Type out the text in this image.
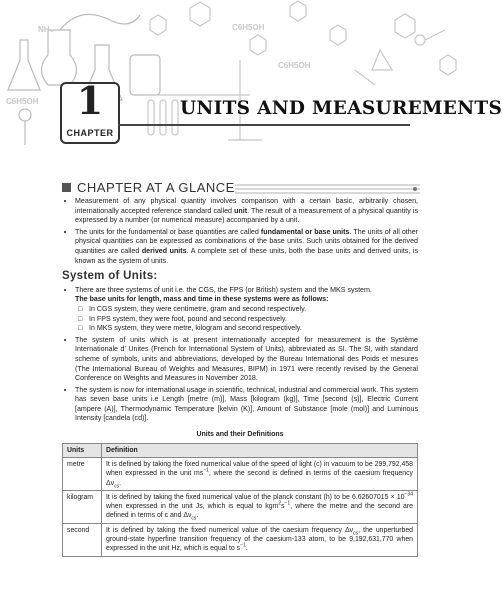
C6H5OH
NH₃
C6H5OH
C6H5OH	1
CHAPTER
UNITS AND MEASUREMENTS
CHAPTER AT A GLANCE
• Measurement of any physical quantity involves comparison with a certain basic, arbitrarily chosen, internationally accepted reference standard called unit. The result of a measurement of a physical quantity is expressed by a number (or numerical measure) accompanied by a unit.
• The units for the fundamental or base quantities are called fundamental or base units. The units of all other physical quantities can be expressed as combinations of the base units. Such units obtained for the derived quantities are called derived units. A complete set of these units, both the base units and derived units, is known as the system of units.
System of Units:
• There are three systems of unit i.e. the CGS, the FPS (or British) system and the MKS system.
The base units for length, mass and time in these systems were as follows:
□ In CGS system, they were centimetre, gram and second respectively.
□ In FPS system, they were foot, pound and second respectively.
□ In MKS system, they were metre, kilogram and second respectively.
• The system of units which is at present internationally accepted for measurement is the Système Internationale d’ Unites (French for International System of Units), abbreviated as SI. The SI, with standard scheme of symbols, units and abbreviations, developed by the Bureau International des Poids et mesures (The International Bureau of Weights and Measures, BIPM) in 1971 were recently revised by the General Conference on Weights and Measures in November 2018.
• The system is now for international usage in scientific, technical, industrial and commercial work. This system has seven base units i.e Length [metre (m)], Mass [kilogram (kg)], Time [second (s)], Electric Current [ampere (A)], Thermodynamic Temperature [kelvin (K)], Amount of Substance [mole (mol)] and Luminous Intensity [candela (cd)].
Units and their Definitions
Units	Definition
metre	It is defined by taking the fixed numerical value of the speed of light (c) in vacuum to be 299,792,458 when expressed in the unit $ms^{-1}$, where the second is defined in terms of the caesium frequency $\Delta\nu_{cs}$.
kilogram	It is defined by taking the fixed numerical value of the planck constant (h) to be $6.62607015 \times 10^{-34}$ when expressed in the unit Js, which is equal to $kgm^2s^{-1}$, where the metre and the second are defined in terms of c and $\Delta\nu_{cs}$.
second	It is defined by taking the fixed numerical value of the caesium frequency $\Delta\nu_{cs}$, the unperturbed ground-state hyperfine transition frequency of the caesium-133 atom, to be 9,192,631,770 when expressed in the unit Hz, which is equal to $s^{-1}$.
